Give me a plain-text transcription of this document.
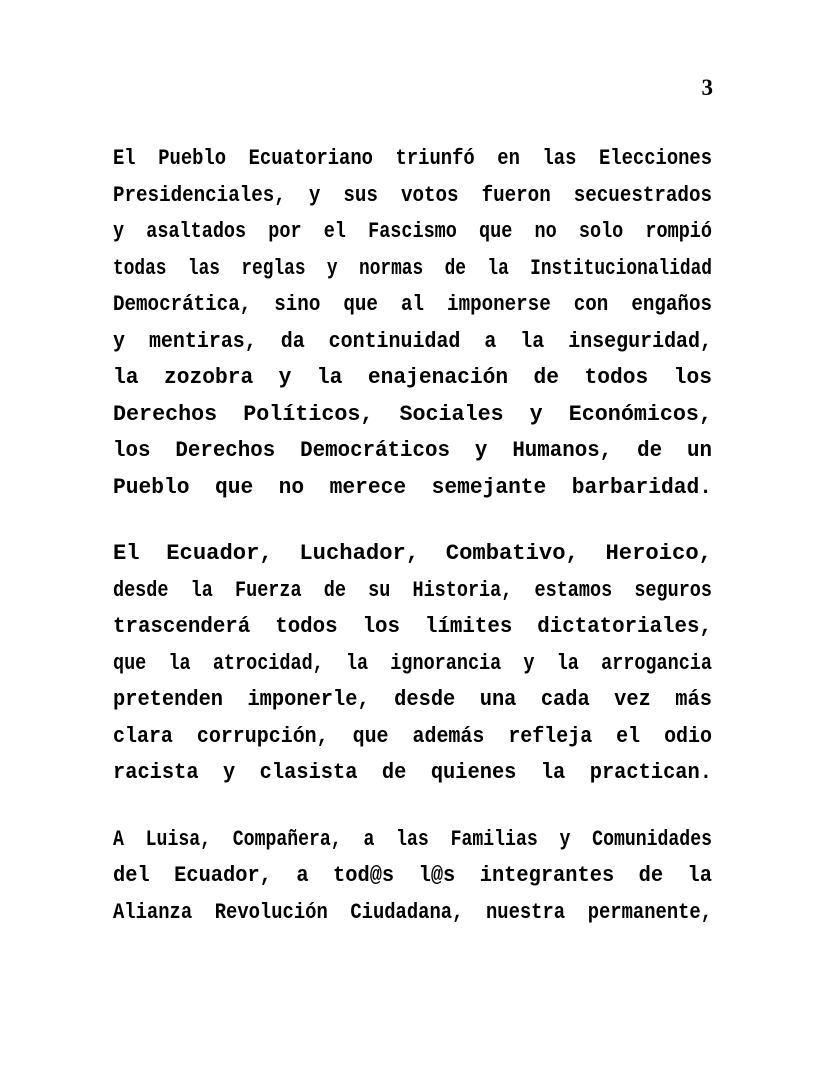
3

El  Pueblo  Ecuatoriano  triunfó  en  las  Elecciones
Presidenciales,  y  sus  votos  fueron  secuestrados
y  asaltados  por  el  Fascismo  que  no  solo  rompió
todas  las  reglas  y  normas  de  la  Institucionalidad
Democrática,  sino  que  al  imponerse  con  engaños
y  mentiras,  da  continuidad  a  la  inseguridad,
la  zozobra  y  la  enajenación  de  todos  los
Derechos  Políticos,  Sociales  y  Económicos,
los  Derechos  Democráticos  y  Humanos,  de  un
Pueblo  que  no  merece  semejante  barbaridad.

El  Ecuador,  Luchador,  Combativo,  Heroico,
desde  la  Fuerza  de  su  Historia,  estamos  seguros
trascenderá  todos  los  límites  dictatoriales,
que  la  atrocidad,  la  ignorancia  y  la  arrogancia
pretenden  imponerle,  desde  una  cada  vez  más
clara  corrupción,  que  además  refleja  el  odio
racista  y  clasista  de  quienes  la  practican.

A  Luisa,  Compañera,  a  las  Familias  y  Comunidades
del  Ecuador,  a  tod@s  l@s  integrantes  de  la
Alianza  Revolución  Ciudadana,  nuestra  permanente,
